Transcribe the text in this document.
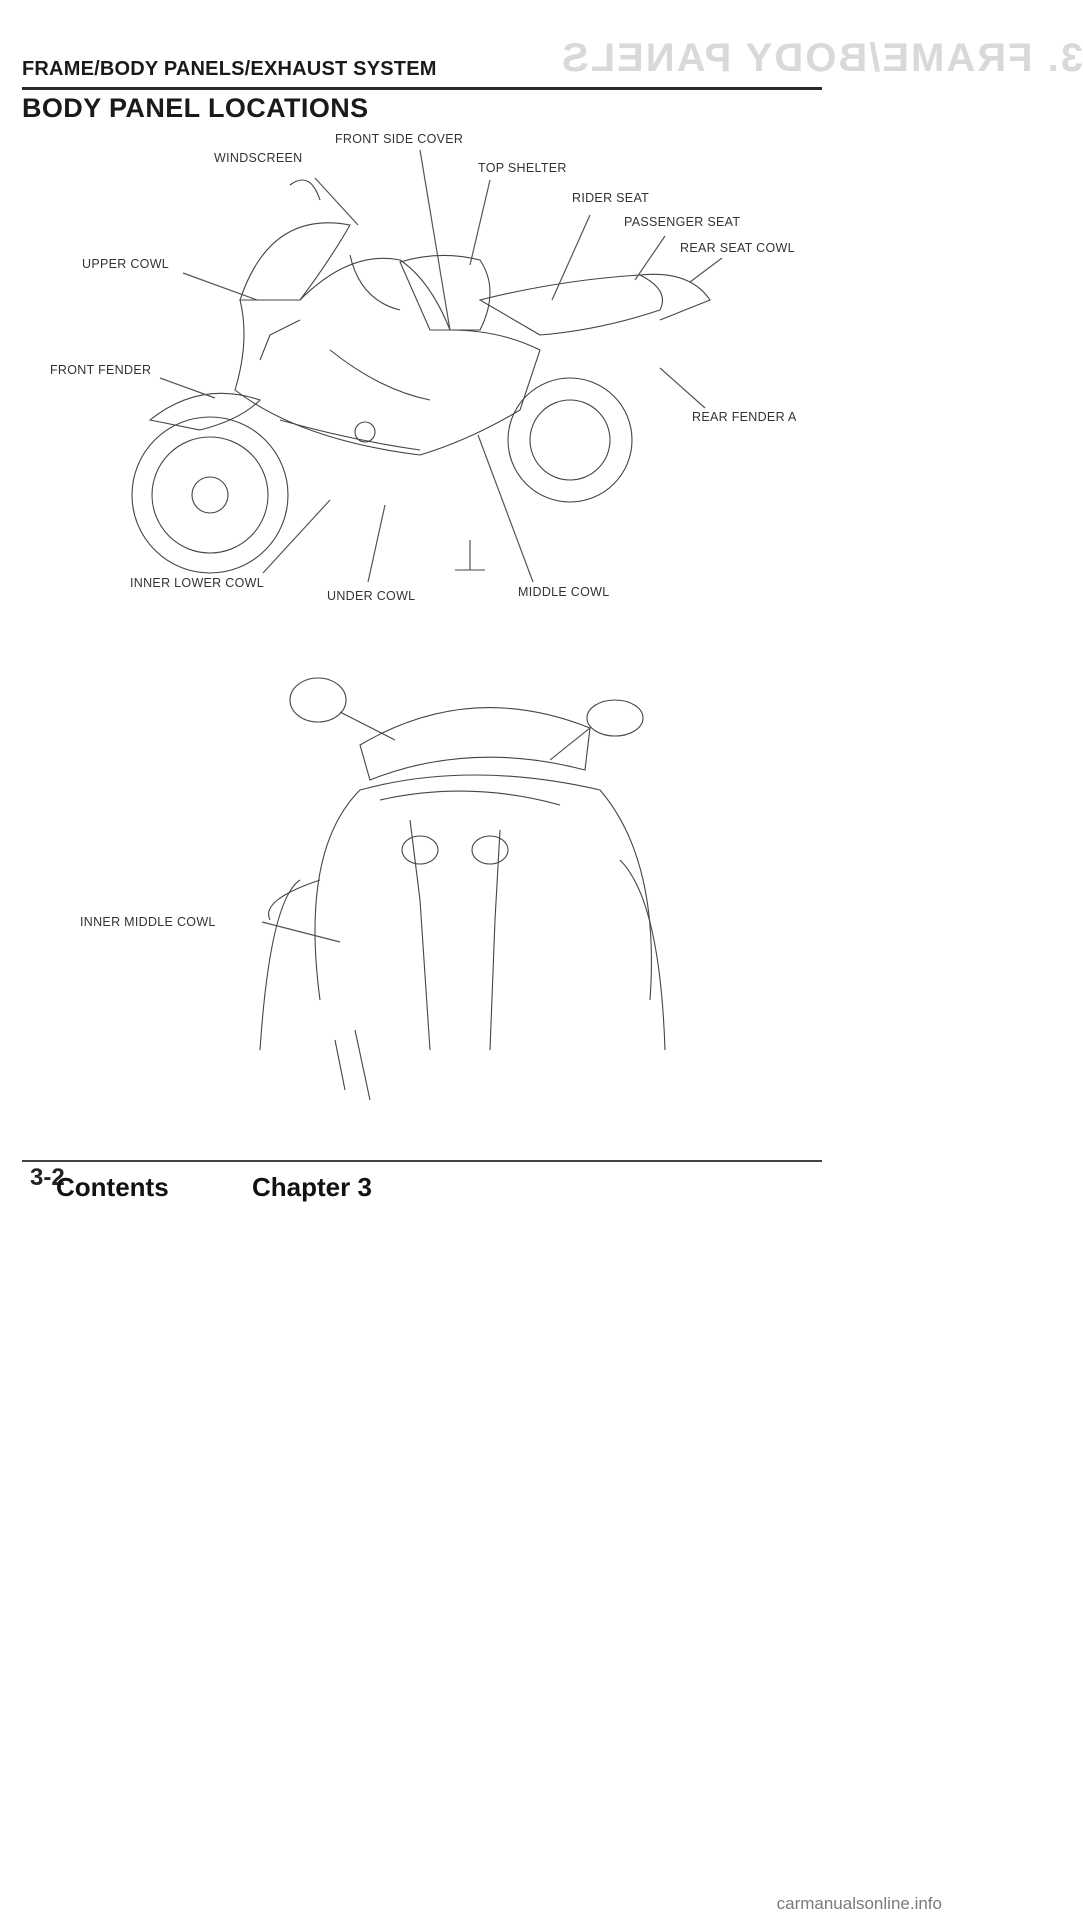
3. FRAME/BODY PANELS
FRAME/BODY PANELS/EXHAUST SYSTEM
BODY PANEL LOCATIONS
WINDSCREEN
FRONT SIDE COVER
TOP SHELTER
RIDER SEAT
PASSENGER SEAT
REAR SEAT COWL
UPPER COWL
FRONT FENDER
REAR FENDER A
INNER LOWER COWL
UNDER COWL	MIDDLE COWL
INNER MIDDLE COWL
3-2
Contents	Chapter 3
carmanualsonline.info
